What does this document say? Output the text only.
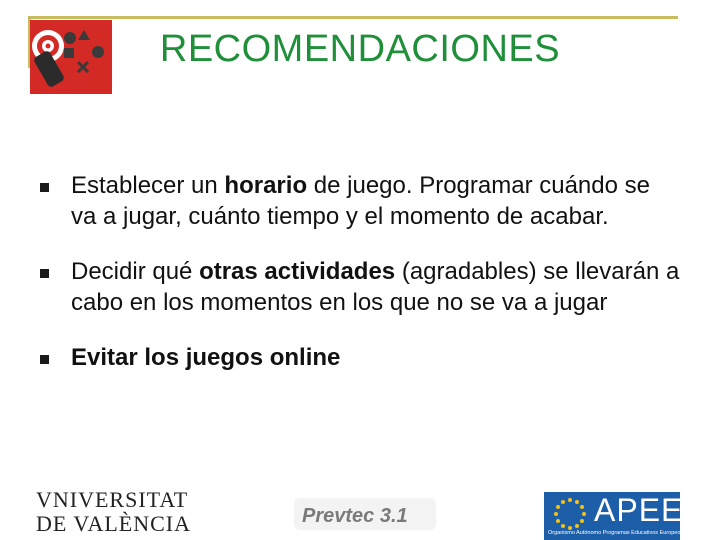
RECOMENDACIONES
Establecer un horario de juego. Programar cuándo se va a jugar, cuánto tiempo y el momento de acabar.
Decidir qué otras actividades (agradables) se llevarán a cabo en los momentos en los que no se va a jugar
Evitar los juegos online
VNIVERSITAT
DE VALÈNCIA	Prevtec 3.1	APEE
Organismo Autónomo Programas Educativos Europeos
